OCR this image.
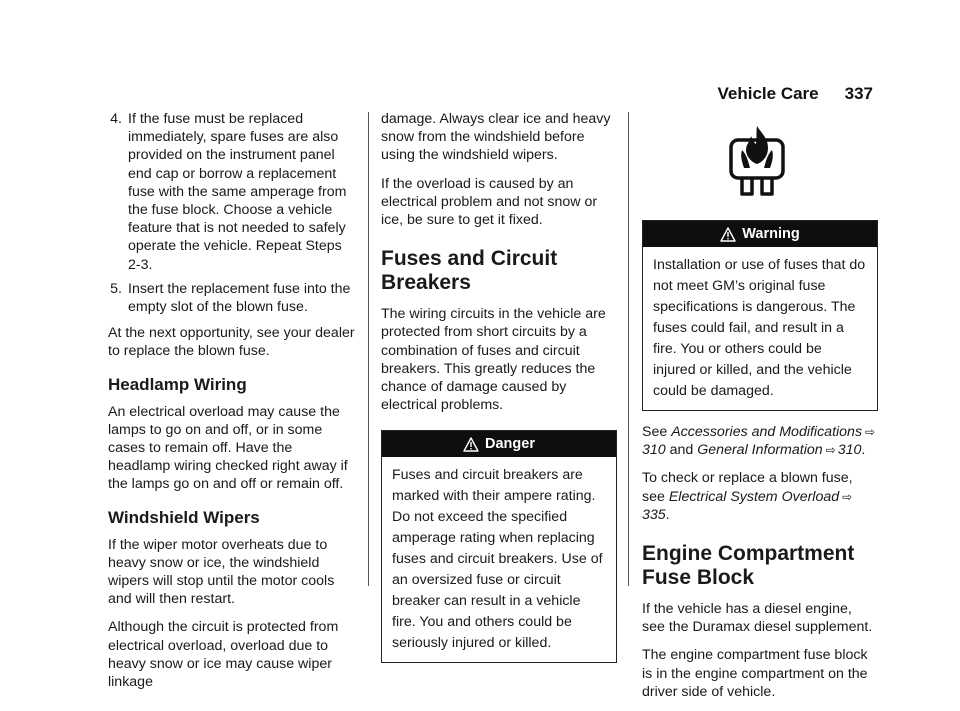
Vehicle Care 337
4. If the fuse must be replaced immediately, spare fuses are also provided on the instrument panel end cap or borrow a replacement fuse with the same amperage from the fuse block. Choose a vehicle feature that is not needed to safely operate the vehicle. Repeat Steps 2-3.
5. Insert the replacement fuse into the empty slot of the blown fuse.

At the next opportunity, see your dealer to replace the blown fuse.

Headlamp Wiring

An electrical overload may cause the lamps to go on and off, or in some cases to remain off. Have the headlamp wiring checked right away if the lamps go on and off or remain off.

Windshield Wipers

If the wiper motor overheats due to heavy snow or ice, the windshield wipers will stop until the motor cools and will then restart.

Although the circuit is protected from electrical overload, overload due to heavy snow or ice may cause wiper linkage

damage. Always clear ice and heavy snow from the windshield before using the windshield wipers.

If the overload is caused by an electrical problem and not snow or ice, be sure to get it fixed.

Fuses and Circuit Breakers

The wiring circuits in the vehicle are protected from short circuits by a combination of fuses and circuit breakers. This greatly reduces the chance of damage caused by electrical problems.

Danger

Fuses and circuit breakers are marked with their ampere rating. Do not exceed the specified amperage rating when replacing fuses and circuit breakers. Use of an oversized fuse or circuit breaker can result in a vehicle fire. You and others could be seriously injured or killed.

Warning

Installation or use of fuses that do not meet GM’s original fuse specifications is dangerous. The fuses could fail, and result in a fire. You or others could be injured or killed, and the vehicle could be damaged.

See Accessories and Modifications ⇨310 and General Information ⇨ 310.

To check or replace a blown fuse, see Electrical System Overload ⇨335.

Engine Compartment Fuse Block

If the vehicle has a diesel engine, see the Duramax diesel supplement.

The engine compartment fuse block is in the engine compartment on the driver side of vehicle.
